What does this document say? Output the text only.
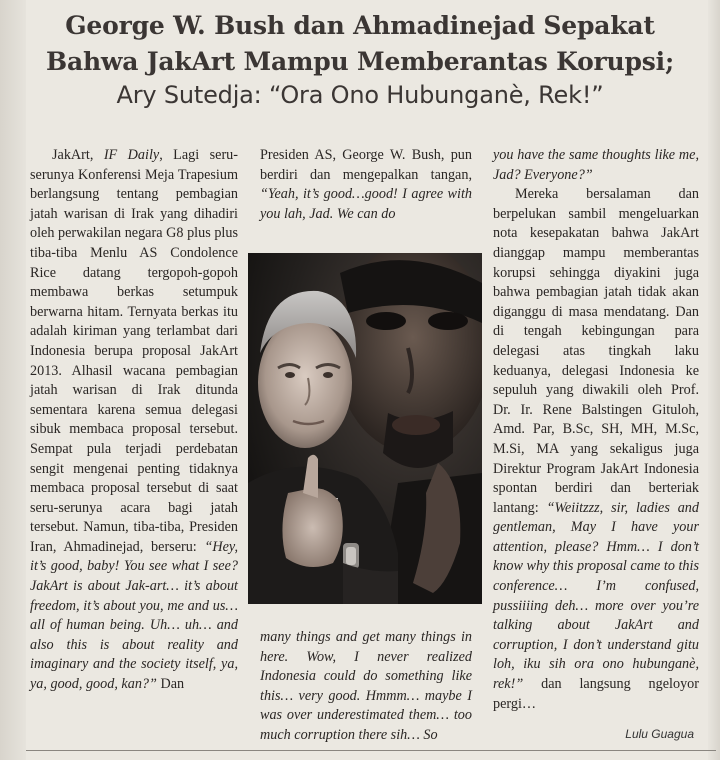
George W. Bush dan Ahmadinejad Sepakat
Bahwa JakArt Mampu Memberantas Korupsi;
Ary Sutedja: “Ora Ono Hubunganè, Rek!”

JakArt, IF Daily, Lagi seru-serunya Konferensi Meja Trapesium berlangsung tentang pembagian jatah warisan di Irak yang dihadiri oleh perwakilan negara G8 plus plus tiba-tiba Menlu AS Condolence Rice datang tergopoh-gopoh membawa berkas setumpuk berwarna hitam. Ternyata berkas itu adalah kiriman yang terlambat dari Indonesia berupa proposal JakArt 2013. Alhasil wacana pembagian jatah warisan di Irak ditunda sementara karena semua delegasi sibuk membaca proposal tersebut. Sempat pula terjadi perdebatan sengit mengenai penting tidaknya membaca proposal tersebut di saat seru-serunya acara bagi jatah tersebut. Namun, tiba-tiba, Presiden Iran, Ahmadinejad, berseru: “Hey, it’s good, baby! You see what I see? JakArt is about Jak-art… it’s about freedom, it’s about you, me and us… all of human being. Uh… uh… and also this is about reality and imaginary and the society itself, ya, ya, good, good, kan?” Dan

Presiden AS, George W. Bush, pun berdiri dan mengepalkan tangan, “Yeah, it’s good…good! I agree with you lah, Jad. We can do

many things and get many things in here. Wow, I never realized Indonesia could do something like this… very good. Hmmm… maybe I was over underestimated them… too much corruption there sih… So

you have the same thoughts like me, Jad? Everyone?”

Mereka bersalaman dan berpelukan sambil mengeluarkan nota kesepakatan bahwa JakArt dianggap mampu memberantas korupsi sehingga diyakini juga bahwa pembagian jatah tidak akan diganggu di masa mendatang. Dan di tengah kebingungan para delegasi atas tingkah laku keduanya, delegasi Indonesia ke sepuluh yang diwakili oleh Prof. Dr. Ir. Rene Balstingen Gituloh, Amd. Par, B.Sc, SH, MH, M.Sc, M.Si, MA yang sekaligus juga Direktur Program JakArt Indonesia spontan berdiri dan berteriak lantang: “Weiitzzz, sir, ladies and gentleman, May I have your attention, please? Hmm… I don’t know why this proposal came to this conference… I’m confused, pussiiiing deh… more over you’re talking about JakArt and corruption, I don’t understand gitu loh, iku sih ora ono hubunganè, rek!” dan langsung ngeloyor pergi…

Lulu Guagua
